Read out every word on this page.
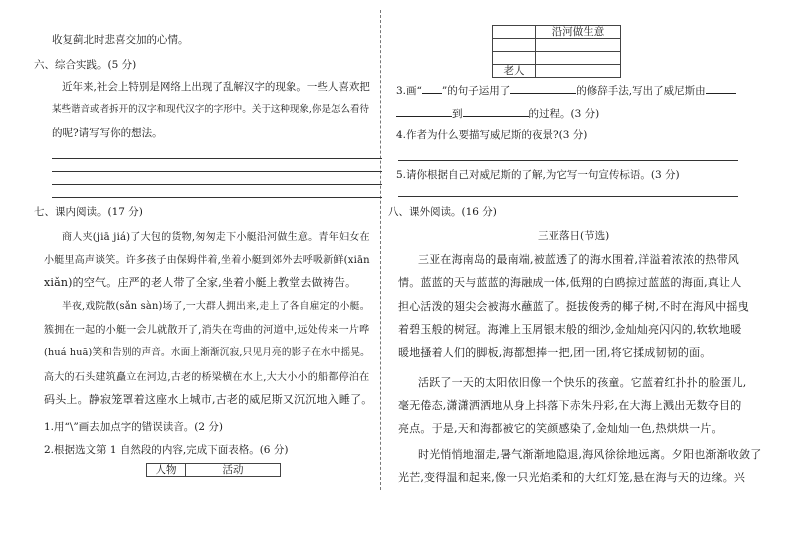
收复蓟北时悲喜交加的心情。
六、综合实践。(5 分)
近年来,社会上特别是网络上出现了乱解汉字的现象。一些人喜欢把
某些谐音或者拆开的汉字和现代汉字的字形中。关于这种现象,你是怎么看待
的呢?请写写你的想法。
七、课内阅读。(17 分)
商人夹(jiā jiá)了大包的货物,匆匆走下小艇沿河做生意。青年妇女在
小艇里高声谈笑。许多孩子由保姆伴着,坐着小艇到郊外去呼吸新鲜(xiān
xiǎn)的空气。庄严的老人带了全家,坐着小艇上教堂去做祷告。
半夜,戏院散(sǎn sàn)场了,一大群人拥出来,走上了各自雇定的小艇。
簇拥在一起的小艇一会儿就散开了,消失在弯曲的河道中,远处传来一片哗
(huá huā)笑和告别的声音。水面上渐渐沉寂,只见月亮的影子在水中摇晃。
高大的石头建筑矗立在河边,古老的桥梁横在水上,大大小小的船都停泊在
码头上。静寂笼罩着这座水上城市,古老的威尼斯又沉沉地入睡了。
1.用“\”画去加点字的错误读音。(2 分)
2.根据选文第 1 自然段的内容,完成下面表格。(6 分)
人物	活动
	沿河做生意

老人	
3.画“ ”的句子运用了	的修辞手法,写出了威尼斯由
到	的过程。(3 分)
4.作者为什么要描写威尼斯的夜景?(3 分)
5.请你根据自己对威尼斯的了解,为它写一句宣传标语。(3 分)
八、课外阅读。(16 分)
三亚落日(节选)
三亚在海南岛的最南端,被蓝透了的海水围着,洋溢着浓浓的热带风
情。蓝蓝的天与蓝蓝的海融成一体,低翔的白鸥掠过蓝蓝的海面,真让人
担心活泼的翅尖会被海水蘸蓝了。挺拔俊秀的椰子树,不时在海风中摇曳
着碧玉般的树冠。海滩上玉屑银末般的细沙,金灿灿亮闪闪的,软软地暖
暖地搔着人们的脚板,海都想捧一把,团一团,将它揉成韧韧的面。
活跃了一天的太阳依旧像一个快乐的孩童。它蓝着红扑扑的脸蛋儿,
毫无倦态,潇潇洒洒地从身上抖落下赤朱丹彩,在大海上溅出无数夺目的
亮点。于是,天和海都被它的笑颜感染了,金灿灿一色,热烘烘一片。
时光悄悄地溜走,暑气渐渐地隐退,海风徐徐地远离。夕阳也渐渐收敛了
光芒,变得温和起来,像一只光焰柔和的大红灯笼,悬在海与天的边缘。兴
